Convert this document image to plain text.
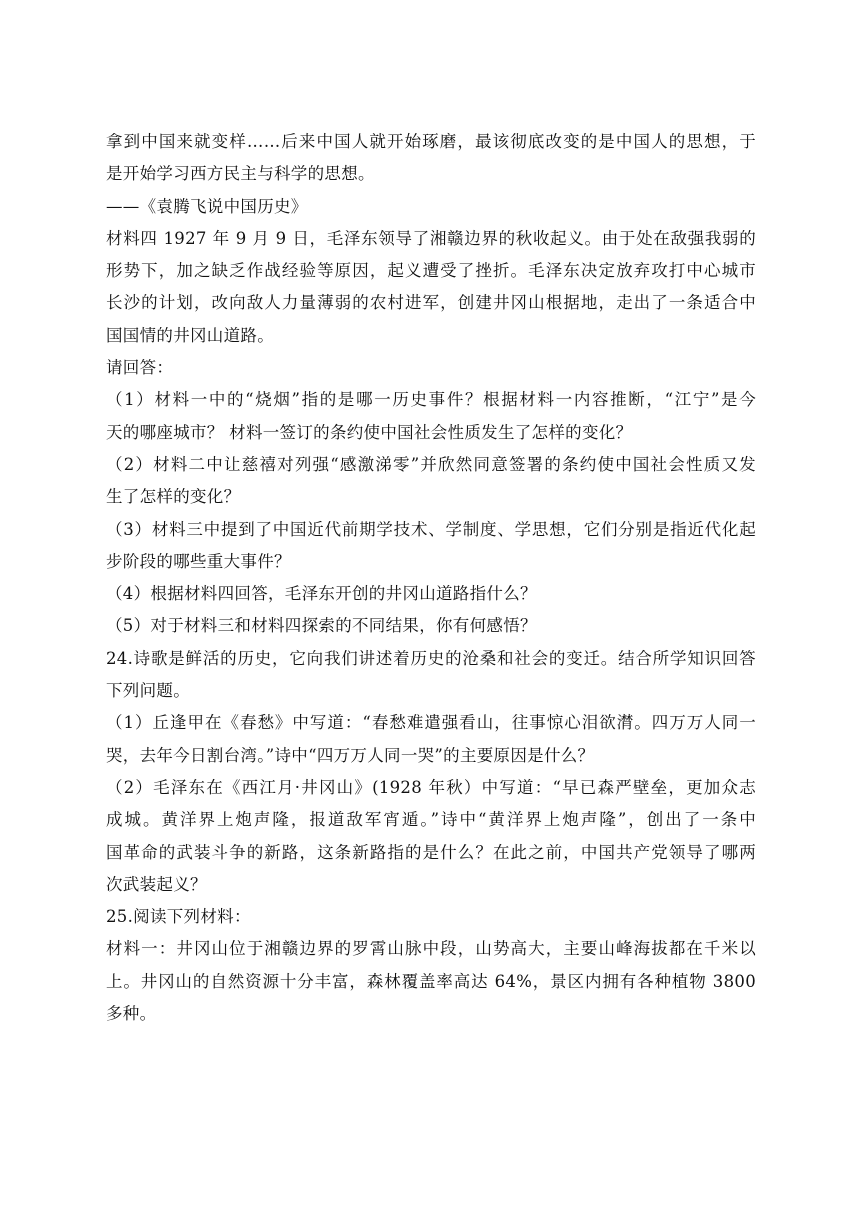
拿到中国来就变样……后来中国人就开始琢磨，最该彻底改变的是中国人的思想，于
是开始学习西方民主与科学的思想。
——《袁腾飞说中国历史》
材料四 1927 年 9 月 9 日，毛泽东领导了湘赣边界的秋收起义。由于处在敌强我弱的
形势下，加之缺乏作战经验等原因，起义遭受了挫折。毛泽东决定放弃攻打中心城市
长沙的计划，改向敌人力量薄弱的农村进军，创建井冈山根据地，走出了一条适合中
国国情的井冈山道路。
请回答：
（1）材料一中的“烧烟”指的是哪一历史事件？根据材料一内容推断，“江宁”是今
天的哪座城市？ 材料一签订的条约使中国社会性质发生了怎样的变化？
（2）材料二中让慈禧对列强“感激涕零”并欣然同意签署的条约使中国社会性质又发
生了怎样的变化？
（3）材料三中提到了中国近代前期学技术、学制度、学思想，它们分别是指近代化起
步阶段的哪些重大事件？
（4）根据材料四回答，毛泽东开创的井冈山道路指什么？
（5）对于材料三和材料四探索的不同结果，你有何感悟？
24.诗歌是鲜活的历史，它向我们讲述着历史的沧桑和社会的变迁。结合所学知识回答
下列问题。
（1）丘逢甲在《春愁》中写道：“春愁难遣强看山，往事惊心泪欲潸。四万万人同一
哭，去年今日割台湾。”诗中“四万万人同一哭”的主要原因是什么？
（2）毛泽东在《西江月·井冈山》(1928 年秋）中写道：“早已森严壁垒，更加众志
成城。黄洋界上炮声隆，报道敌军宵遁。”诗中“黄洋界上炮声隆”，创出了一条中
国革命的武装斗争的新路，这条新路指的是什么？在此之前，中国共产党领导了哪两
次武装起义？
25.阅读下列材料：
材料一：井冈山位于湘赣边界的罗霄山脉中段，山势高大，主要山峰海拔都在千米以
上。井冈山的自然资源十分丰富，森林覆盖率高达 64%，景区内拥有各种植物 3800
多种。
